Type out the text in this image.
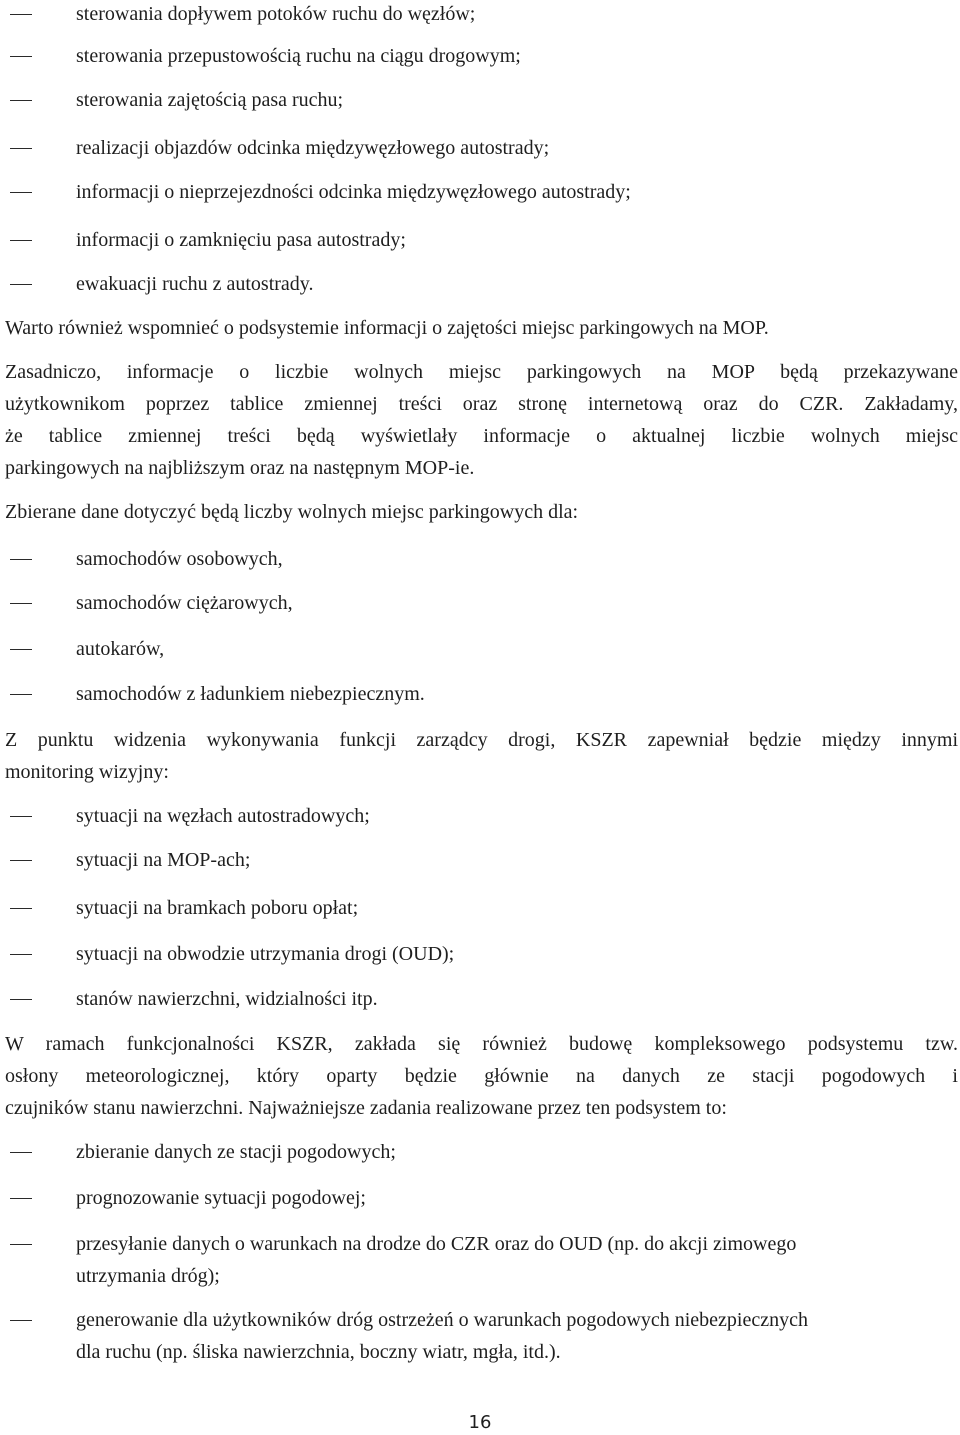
sterowania dopływem potoków ruchu do węzłów;
sterowania przepustowością ruchu na ciągu drogowym;
sterowania zajętością pasa ruchu;
realizacji objazdów odcinka międzywęzłowego autostrady;
informacji o nieprzejezdności odcinka międzywęzłowego autostrady;
informacji o zamknięciu pasa autostrady;
ewakuacji ruchu z autostrady.
Warto również wspomnieć o podsystemie informacji o zajętości miejsc parkingowych na MOP.
Zasadniczo, informacje o liczbie wolnych miejsc parkingowych na MOP będą przekazywane
użytkownikom poprzez tablice zmiennej treści oraz stronę internetową oraz do CZR. Zakładamy,
że tablice zmiennej treści będą wyświetlały informacje o aktualnej liczbie wolnych miejsc
parkingowych na najbliższym oraz na następnym MOP-ie.
Zbierane dane dotyczyć będą liczby wolnych miejsc parkingowych dla:
samochodów osobowych,
samochodów ciężarowych,
autokarów,
samochodów z ładunkiem niebezpiecznym.
Z punktu widzenia wykonywania funkcji zarządcy drogi, KSZR zapewniał będzie między innymi
monitoring wizyjny:
sytuacji na węzłach autostradowych;
sytuacji na MOP-ach;
sytuacji na bramkach poboru opłat;
sytuacji na obwodzie utrzymania drogi (OUD);
stanów nawierzchni, widzialności itp.
W ramach funkcjonalności KSZR, zakłada się również budowę kompleksowego podsystemu tzw.
osłony meteorologicznej, który oparty będzie głównie na danych ze stacji pogodowych i
czujników stanu nawierzchni. Najważniejsze zadania realizowane przez ten podsystem to:
zbieranie danych ze stacji pogodowych;
prognozowanie sytuacji pogodowej;
przesyłanie danych o warunkach na drodze do CZR oraz do OUD (np. do akcji zimowego
utrzymania dróg);
generowanie dla użytkowników dróg ostrzeżeń o warunkach pogodowych niebezpiecznych
dla ruchu (np. śliska nawierzchnia, boczny wiatr, mgła, itd.).
16
